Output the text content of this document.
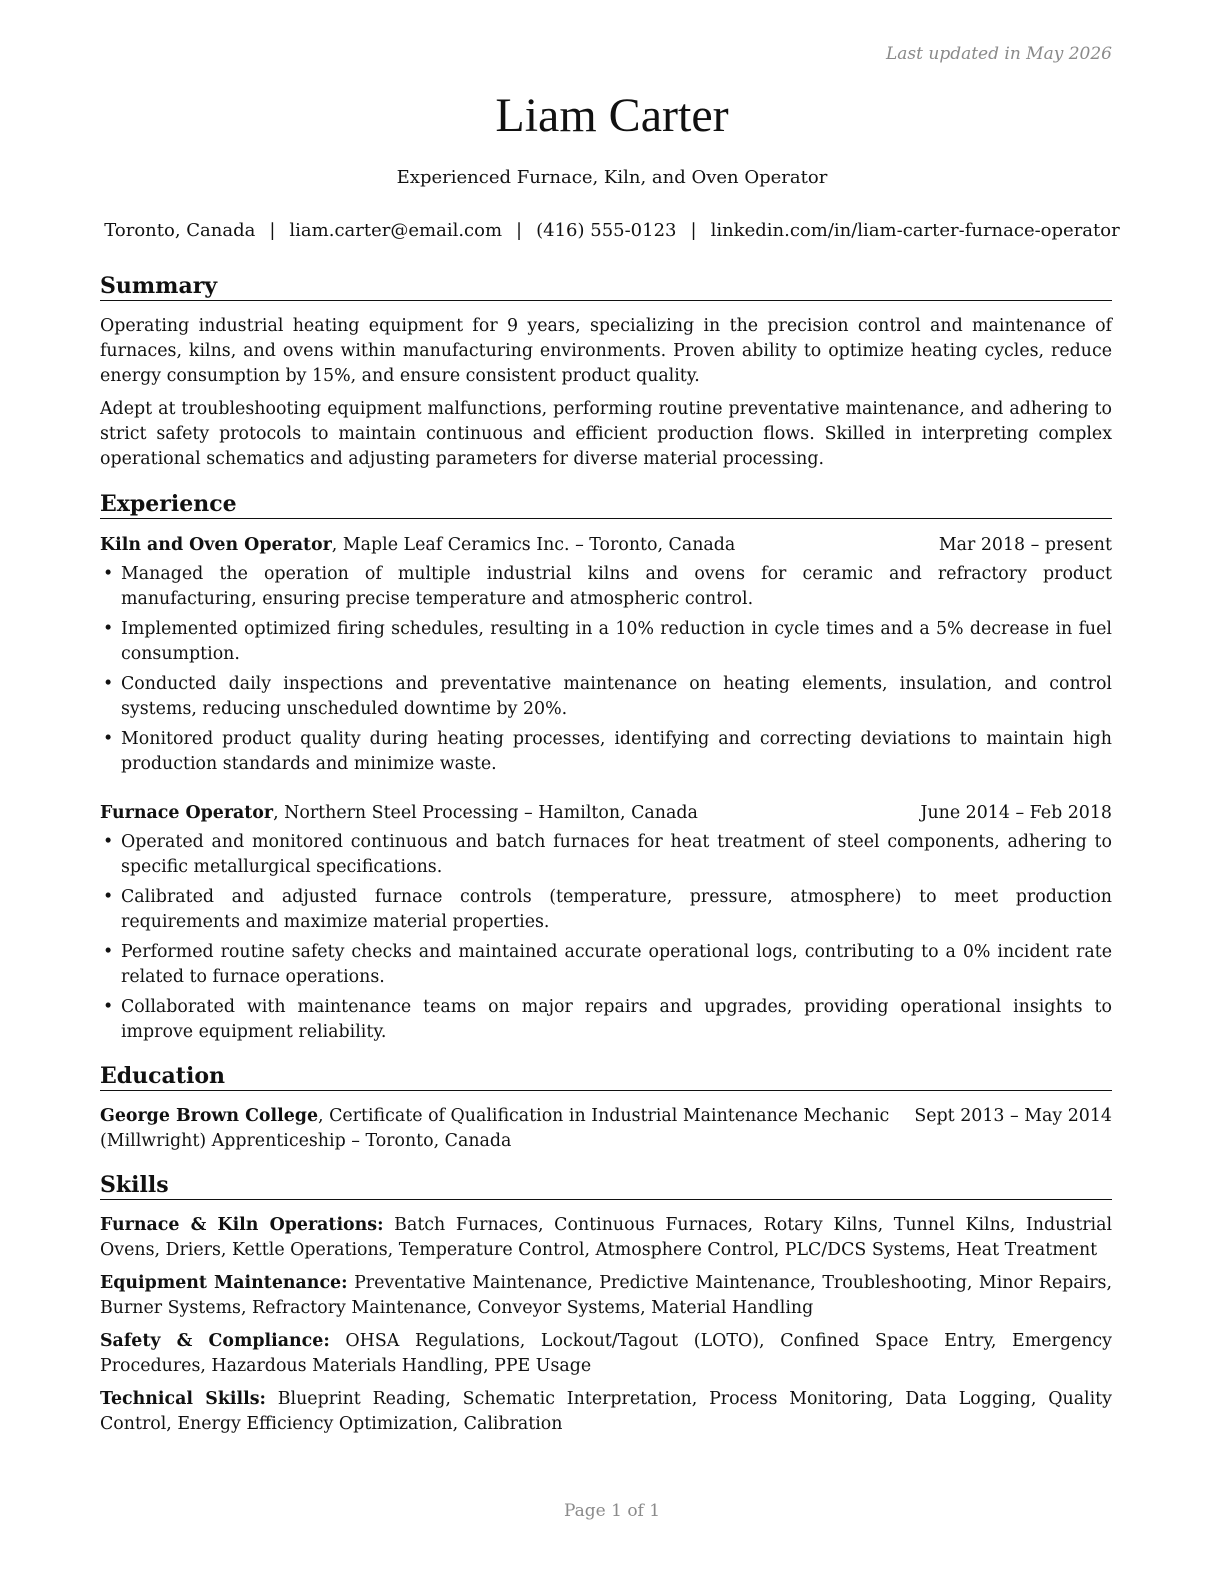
Last updated in May 2026
Liam Carter
Experienced Furnace, Kiln, and Oven Operator
Toronto, Canada | liam.carter@email.com | (416) 555-0123 | linkedin.com/in/liam-carter-furnace-operator
Summary

Operating industrial heating equipment for 9 years, specializing in the precision control and maintenance of furnaces, kilns, and ovens within manufacturing environments. Proven ability to optimize heating cycles, reduce energy consumption by 15%, and ensure consistent product quality.

Adept at troubleshooting equipment malfunctions, performing routine preventative maintenance, and adhering to strict safety protocols to maintain continuous and efficient production flows. Skilled in interpreting complex operational schematics and adjusting parameters for diverse material processing.

Experience
Kiln and Oven Operator, Maple Leaf Ceramics Inc. – Toronto, Canada	Mar 2018 – present
• Managed the operation of multiple industrial kilns and ovens for ceramic and refractory product manufacturing, ensuring precise temperature and atmospheric control.
• Implemented optimized firing schedules, resulting in a 10% reduction in cycle times and a 5% decrease in fuel consumption.
• Conducted daily inspections and preventative maintenance on heating elements, insulation, and control systems, reducing unscheduled downtime by 20%.
• Monitored product quality during heating processes, identifying and correcting deviations to maintain high production standards and minimize waste.
Furnace Operator, Northern Steel Processing – Hamilton, Canada	June 2014 – Feb 2018
• Operated and monitored continuous and batch furnaces for heat treatment of steel components, adhering to specific metallurgical specifications.
• Calibrated and adjusted furnace controls (temperature, pressure, atmosphere) to meet production requirements and maximize material properties.
• Performed routine safety checks and maintained accurate operational logs, contributing to a 0% incident rate related to furnace operations.
• Collaborated with maintenance teams on major repairs and upgrades, providing operational insights to improve equipment reliability.
Education
George Brown College, Certificate of Qualification in Industrial Maintenance Mechanic (Millwright) Apprenticeship – Toronto, Canada
Sept 2013 – May 2014
Skills

Furnace & Kiln Operations: Batch Furnaces, Continuous Furnaces, Rotary Kilns, Tunnel Kilns, Industrial Ovens, Driers, Kettle Operations, Temperature Control, Atmosphere Control, PLC/DCS Systems, Heat Treatment

Equipment Maintenance: Preventative Maintenance, Predictive Maintenance, Troubleshooting, Minor Repairs, Burner Systems, Refractory Maintenance, Conveyor Systems, Material Handling

Safety & Compliance: OHSA Regulations, Lockout/Tagout (LOTO), Confined Space Entry, Emergency Procedures, Hazardous Materials Handling, PPE Usage

Technical Skills: Blueprint Reading, Schematic Interpretation, Process Monitoring, Data Logging, Quality Control, Energy Efficiency Optimization, Calibration

Page 1 of 1
